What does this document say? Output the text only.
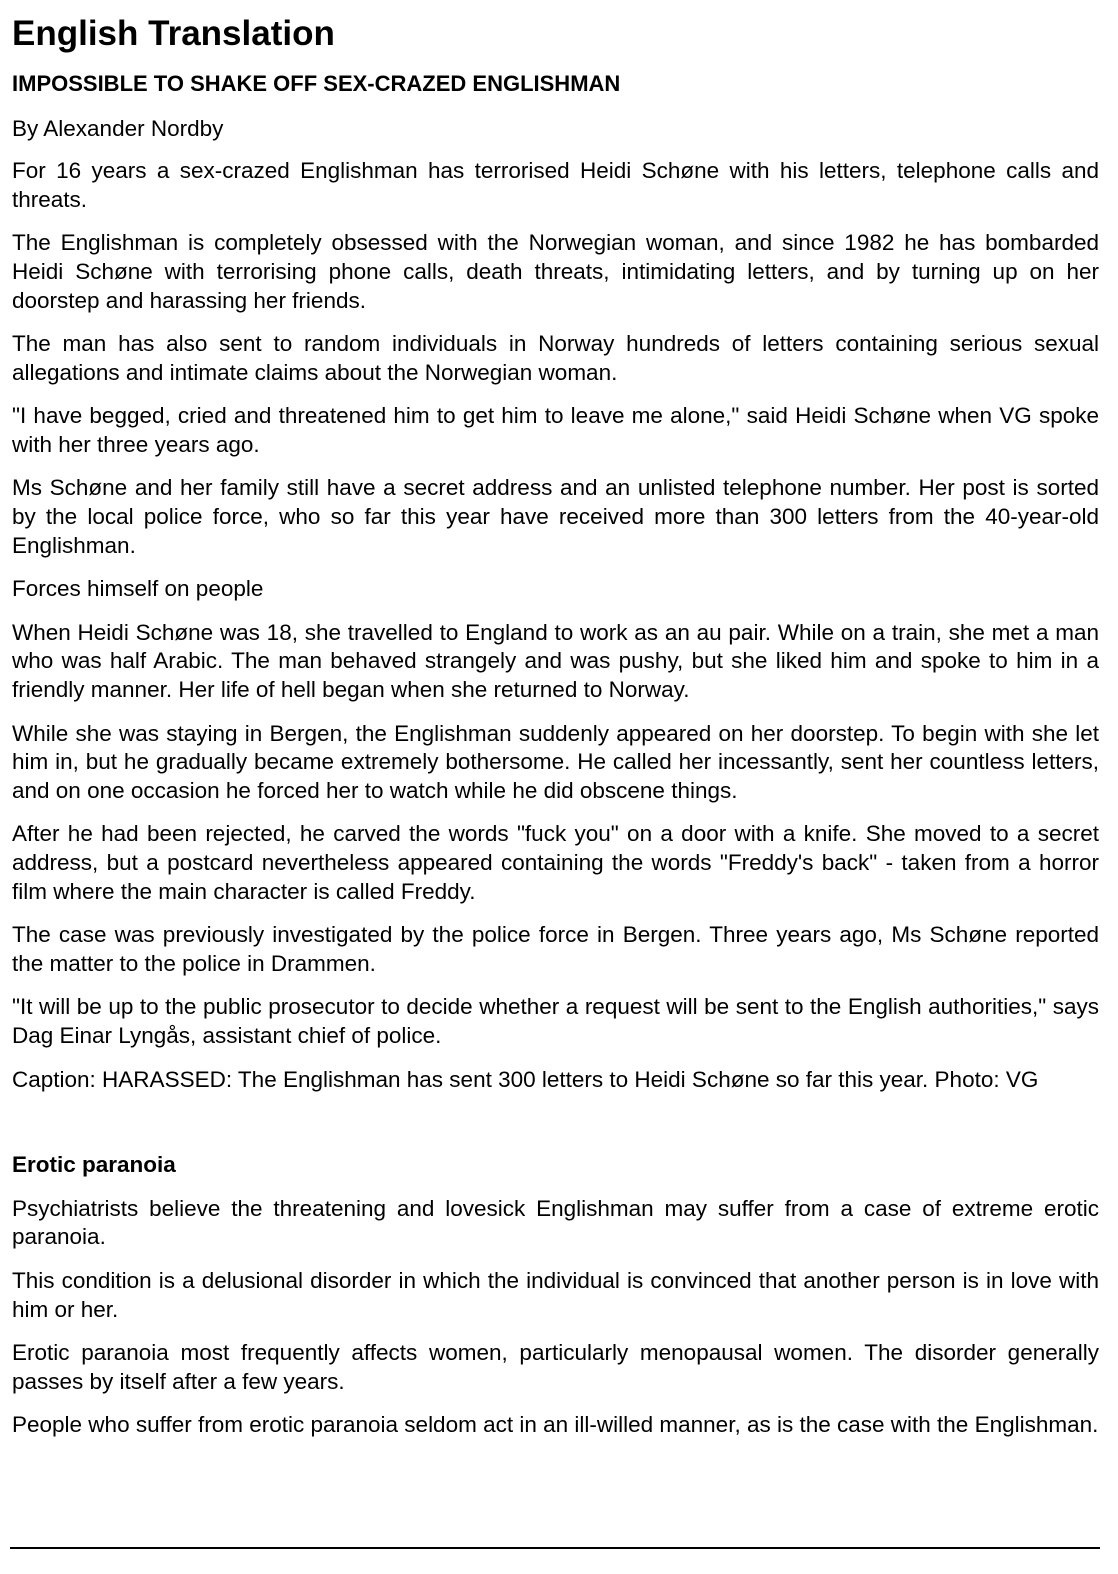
English Translation
IMPOSSIBLE TO SHAKE OFF SEX-CRAZED ENGLISHMAN

By Alexander Nordby

For 16 years a sex-crazed Englishman has terrorised Heidi Schøne with his letters, telephone calls and threats.

The Englishman is completely obsessed with the Norwegian woman, and since 1982 he has bombarded Heidi Schøne with terrorising phone calls, death threats, intimidating letters, and by turning up on her doorstep and harassing her friends.

The man has also sent to random individuals in Norway hundreds of letters containing serious sexual allegations and intimate claims about the Norwegian woman.

"I have begged, cried and threatened him to get him to leave me alone," said Heidi Schøne when VG spoke with her three years ago.

Ms Schøne and her family still have a secret address and an unlisted telephone number. Her post is sorted by the local police force, who so far this year have received more than 300 letters from the 40-year-old Englishman.

Forces himself on people

When Heidi Schøne was 18, she travelled to England to work as an au pair. While on a train, she met a man who was half Arabic. The man behaved strangely and was pushy, but she liked him and spoke to him in a friendly manner. Her life of hell began when she returned to Norway.

While she was staying in Bergen, the Englishman suddenly appeared on her doorstep. To begin with she let him in, but he gradually became extremely bothersome. He called her incessantly, sent her countless letters, and on one occasion he forced her to watch while he did obscene things.

After he had been rejected, he carved the words "fuck you" on a door with a knife. She moved to a secret address, but a postcard nevertheless appeared containing the words "Freddy's back" - taken from a horror film where the main character is called Freddy.

The case was previously investigated by the police force in Bergen. Three years ago, Ms Schøne reported the matter to the police in Drammen.

"It will be up to the public prosecutor to decide whether a request will be sent to the English authorities," says Dag Einar Lyngås, assistant chief of police.

Caption: HARASSED: The Englishman has sent 300 letters to Heidi Schøne so far this year. Photo: VG

Erotic paranoia

Psychiatrists believe the threatening and lovesick Englishman may suffer from a case of extreme erotic paranoia.

This condition is a delusional disorder in which the individual is convinced that another person is in love with him or her.

Erotic paranoia most frequently affects women, particularly menopausal women. The disorder generally passes by itself after a few years.

People who suffer from erotic paranoia seldom act in an ill-willed manner, as is the case with the Englishman.
